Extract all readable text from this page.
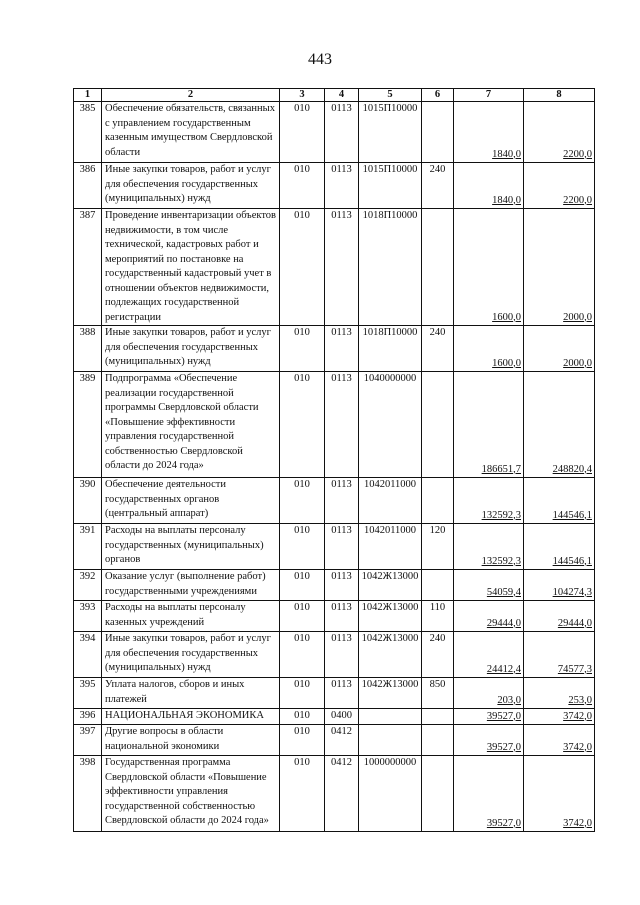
443
1	2	3	4	5	6	7	8
385	Обеспечение обязательств, связанных с управлением государственным казенным имуществом Свердловской области	010	0113	1015П10000		1840,0	2200,0
386	Иные закупки товаров, работ и услуг для обеспечения государственных (муниципальных) нужд	010	0113	1015П10000	240	1840,0	2200,0
387	Проведение инвентаризации объектов недвижимости, в том числе технической, кадастровых работ и мероприятий по постановке на государственный кадастровый учет в отношении объектов недвижимости, подлежащих государственной регистрации	010	0113	1018П10000		1600,0	2000,0
388	Иные закупки товаров, работ и услуг для обеспечения государственных (муниципальных) нужд	010	0113	1018П10000	240	1600,0	2000,0
389	Подпрограмма «Обеспечение реализации государственной программы Свердловской области «Повышение эффективности управления государственной собственностью Свердловской области до 2024 года»	010	0113	1040000000		186651,7	248820,4
390	Обеспечение деятельности государственных органов (центральный аппарат)	010	0113	1042011000		132592,3	144546,1
391	Расходы на выплаты персоналу государственных (муниципальных) органов	010	0113	1042011000	120	132592,3	144546,1
392	Оказание услуг (выполнение работ) государственными учреждениями	010	0113	1042Ж13000		54059,4	104274,3
393	Расходы на выплаты персоналу казенных учреждений	010	0113	1042Ж13000	110	29444,0	29444,0
394	Иные закупки товаров, работ и услуг для обеспечения государственных (муниципальных) нужд	010	0113	1042Ж13000	240	24412,4	74577,3
395	Уплата налогов, сборов и иных платежей	010	0113	1042Ж13000	850	203,0	253,0
396	НАЦИОНАЛЬНАЯ ЭКОНОМИКА	010	0400			39527,0	3742,0
397	Другие вопросы в области национальной экономики	010	0412			39527,0	3742,0
398	Государственная программа Свердловской области «Повышение эффективности управления государственной собственностью Свердловской области до 2024 года»	010	0412	1000000000		39527,0	3742,0
